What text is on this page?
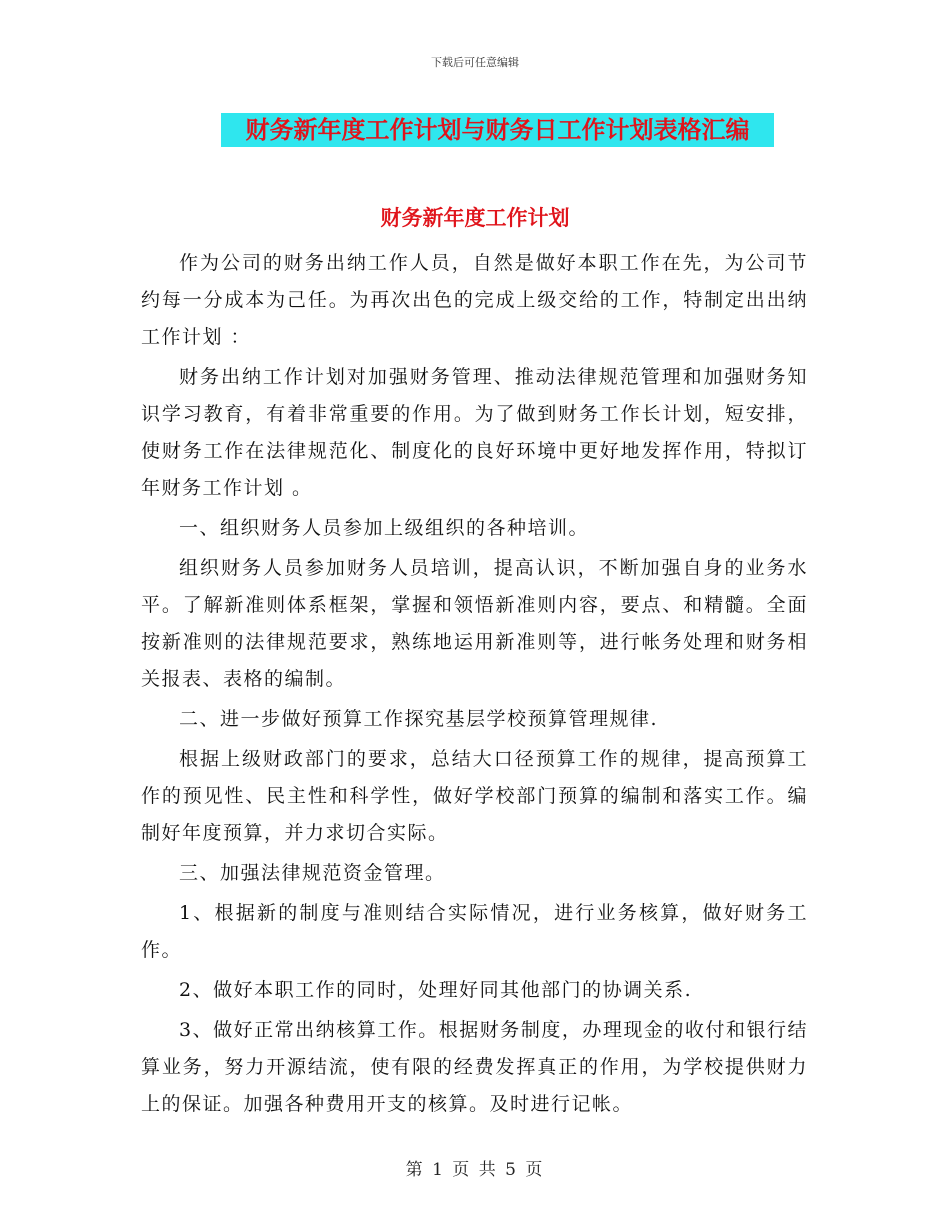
下载后可任意编辑
财务新年度工作计划与财务日工作计划表格汇编
财务新年度工作计划

作为公司的财务出纳工作人员，自然是做好本职工作在先，为公司节约每一分成本为己任。为再次出色的完成上级交给的工作，特制定出出纳工作计划 ：

财务出纳工作计划对加强财务管理、推动法律规范管理和加强财务知识学习教育，有着非常重要的作用。为了做到财务工作长计划，短安排，使财务工作在法律规范化、制度化的良好环境中更好地发挥作用，特拟订年财务工作计划 。

一、组织财务人员参加上级组织的各种培训。

组织财务人员参加财务人员培训，提高认识，不断加强自身的业务水平。了解新准则体系框架，掌握和领悟新准则内容，要点、和精髓。全面按新准则的法律规范要求，熟练地运用新准则等，进行帐务处理和财务相关报表、表格的编制。

二、进一步做好预算工作探究基层学校预算管理规律.

根据上级财政部门的要求，总结大口径预算工作的规律，提高预算工作的预见性、民主性和科学性，做好学校部门预算的编制和落实工作。编制好年度预算，并力求切合实际。

三、加强法律规范资金管理。

1、根据新的制度与准则结合实际情况，进行业务核算，做好财务工作。

2、做好本职工作的同时，处理好同其他部门的协调关系.

3、做好正常出纳核算工作。根据财务制度，办理现金的收付和银行结算业务，努力开源结流，使有限的经费发挥真正的作用，为学校提供财力上的保证。加强各种费用开支的核算。及时进行记帐。

第 1 页 共 5 页
